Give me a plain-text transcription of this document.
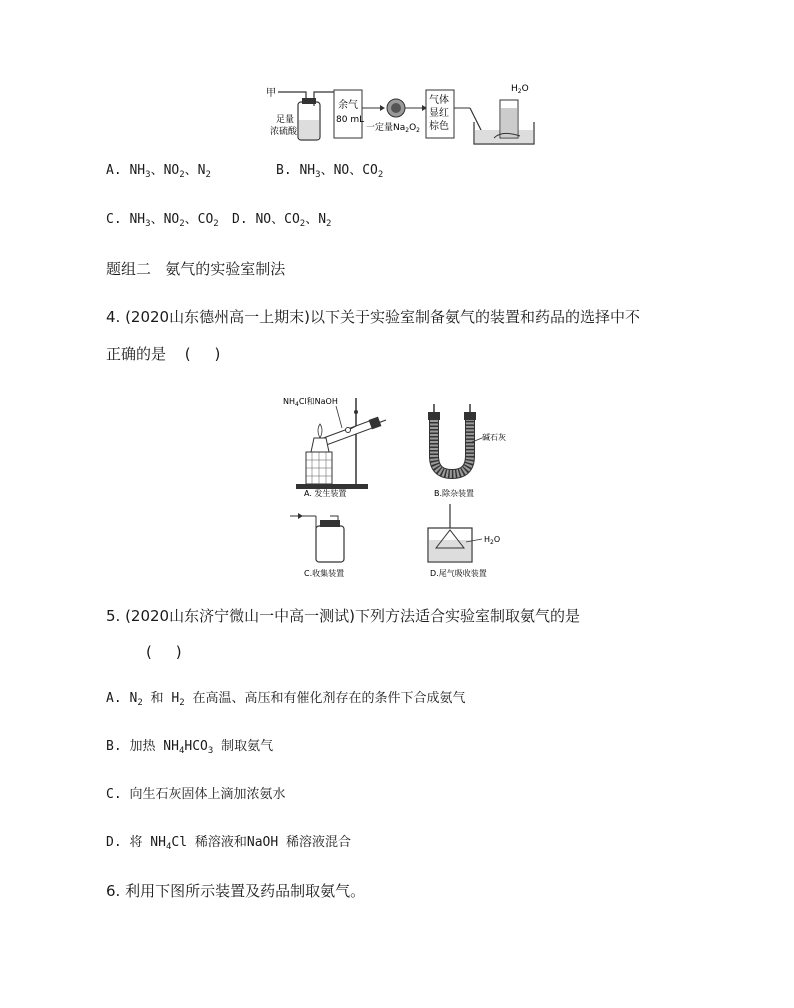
甲
足量
浓硫酸
余气
80 mL
一定量$Na_2O_2$
气体
显红
棕色
$H_2O$
A. $NH_3$、$NO_2$、$N_2$	B. $NH_3$、NO、$CO_2$
C. $NH_3$、$NO_2$、$CO_2$ D. NO、$CO_2$、$N_2$
题组二   氨气的实验室制法
4. (2020山东德州高一上期末)以下关于实验室制备氨气的装置和药品的选择中不
正确的是 (     )
$NH_4Cl$和NaOH
A. 发生装置
碱石灰
B.除杂装置
C.收集装置
$H_2O$
D.尾气吸收装置
5. (2020山东济宁微山一中高一测试)下列方法适合实验室制取氨气的是
(     )
A. $N_2$ 和 $H_2$ 在高温、高压和有催化剂存在的条件下合成氨气
B. 加热 $NH_4HCO_3$ 制取氨气
C. 向生石灰固体上滴加浓氨水
D. 将 $NH_4Cl$ 稀溶液和NaOH 稀溶液混合
6. 利用下图所示装置及药品制取氨气。
